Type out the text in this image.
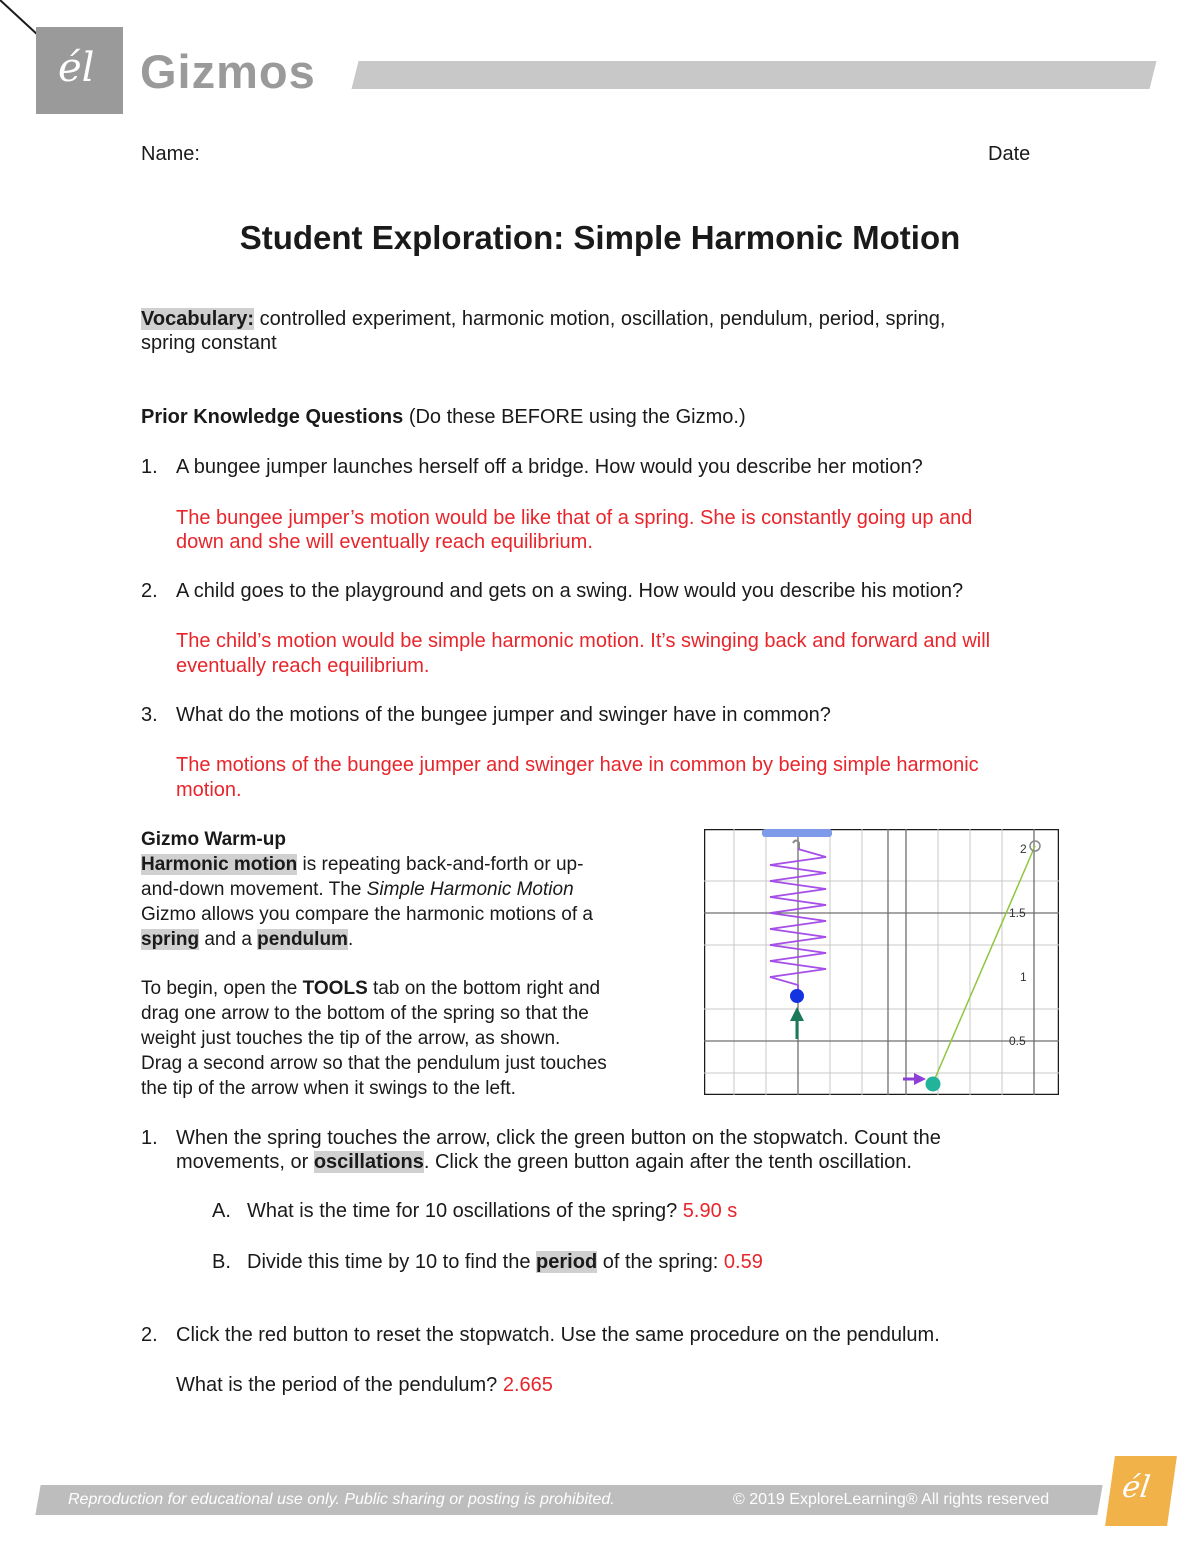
él Gizmos
Name:	Date
Student Exploration: Simple Harmonic Motion
Vocabulary: controlled experiment, harmonic motion, oscillation, pendulum, period, spring,
spring constant
Prior Knowledge Questions (Do these BEFORE using the Gizmo.)
1. A bungee jumper launches herself off a bridge. How would you describe her motion?
The bungee jumper’s motion would be like that of a spring. She is constantly going up and
down and she will eventually reach equilibrium.
2. A child goes to the playground and gets on a swing. How would you describe his motion?
The child’s motion would be simple harmonic motion. It’s swinging back and forward and will
eventually reach equilibrium.
3. What do the motions of the bungee jumper and swinger have in common?
The motions of the bungee jumper and swinger have in common by being simple harmonic
motion.
Gizmo Warm-up
Harmonic motion is repeating back-and-forth or up-
and-down movement. The Simple Harmonic Motion
Gizmo allows you compare the harmonic motions of a
spring and a pendulum.
To begin, open the TOOLS tab on the bottom right and
drag one arrow to the bottom of the spring so that the
weight just touches the tip of the arrow, as shown.
Drag a second arrow so that the pendulum just touches
the tip of the arrow when it swings to the left.
2
1.5
1
0.5
1. When the spring touches the arrow, click the green button on the stopwatch. Count the
movements, or oscillations. Click the green button again after the tenth oscillation.
A. What is the time for 10 oscillations of the spring? 5.90 s
B. Divide this time by 10 to find the period of the spring: 0.59
2. Click the red button to reset the stopwatch. Use the same procedure on the pendulum.
What is the period of the pendulum? 2.665
Reproduction for educational use only. Public sharing or posting is prohibited.	© 2019 ExploreLearning® All rights reserved él
